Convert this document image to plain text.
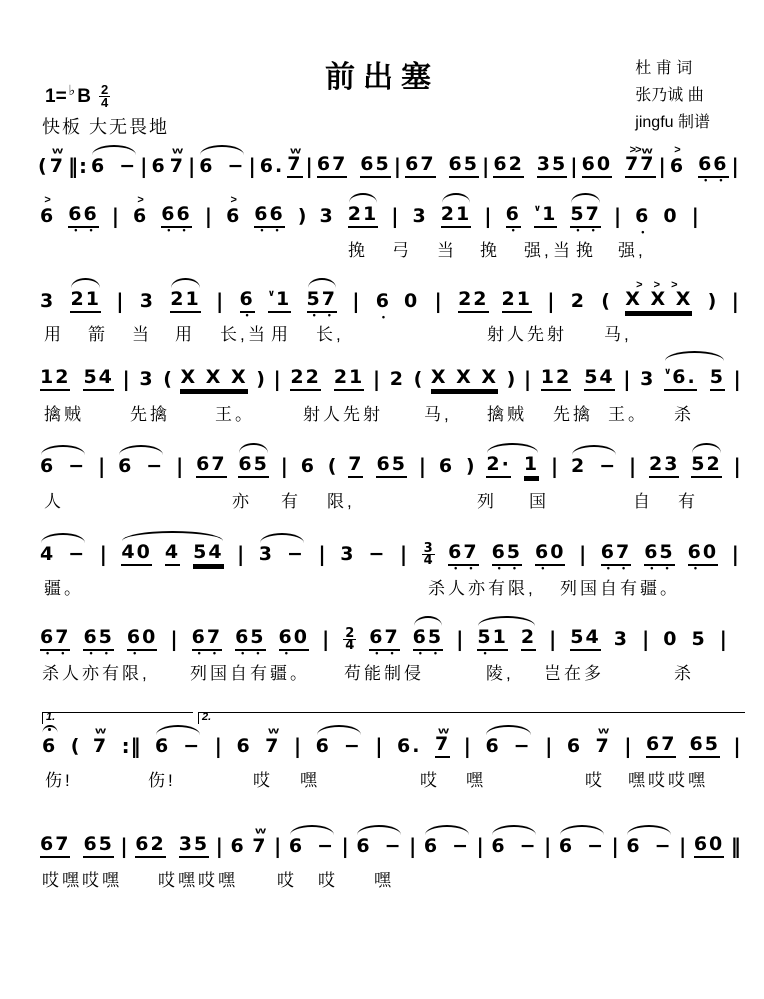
前出塞
1= ♭ B $\frac{2}{4}$
快板 大无畏地
杜 甫 词
张乃诚 曲
jingfu 制谱
(
w
7 ‖: 6 − | 6
w
7 | 6 − | 6.
w
7 | 67 65 | 67 65 | 62 35 | 60
>> w
77 |
>
6 66
• •
|
>
6 66
• •
|
>
6 66
• •
|
>
6 66
• •
) 3 21 | 3 21 | 6
•
∨1 57
• •
| 6
•
0 |
挽 弓 当 挽 强, 当 挽 强,
3 21 | 3 21 | 6
•
∨1 57
• •
| 6
•
0 | 22 21 | 2 (
> > >
X X X ) |
用 箭 当 用 长, 当 用 长,	射人先射 马,
12 54 | 3 ( X X X ) | 22 21 | 2 ( X X X ) | 12 54 | 3 ∨6. 5 |
擒贼	先擒	王。	射人先射 马, 擒贼 先擒 王。 杀
6 − | 6 − | 67 65 | 6 ( 7 65 | 6 ) 2· 1 | 2 − | 23 52 |
人	亦 有 限,	列 国	自 有
4 − | 40 4 54 | 3 − | 3 − | $\frac{3}{4} 67$
• •
65
• •
60
•

| 67
• •
65
• •
60
•

|
疆。	杀人亦有限, 列国自有疆。
67
• •
65
• •
60
•

| 67
• •
65
• •
60
•

| $\frac{2}{4} 67$
• •
65
• •
| 51
•

2 | 54 3 | 0 5 |
杀人亦有限, 列国自有疆。 苟能制侵	陵, 岂在多	杀
6 (
w
7 :‖ 6 − | 6
w
7 | 6 − | 6.
w
7 | 6 − | 6
w
7 | 67 65 |
伤!	伤!	哎 嘿	哎 嘿	哎 嘿哎哎嘿
67 65 | 62 35 | 6
w
7 | 6 − | 6 − | 6 − | 6 − | 6 − | 6 − | 60 ‖
哎嘿哎嘿 哎嘿哎嘿 哎 哎 嘿
1.	2.
